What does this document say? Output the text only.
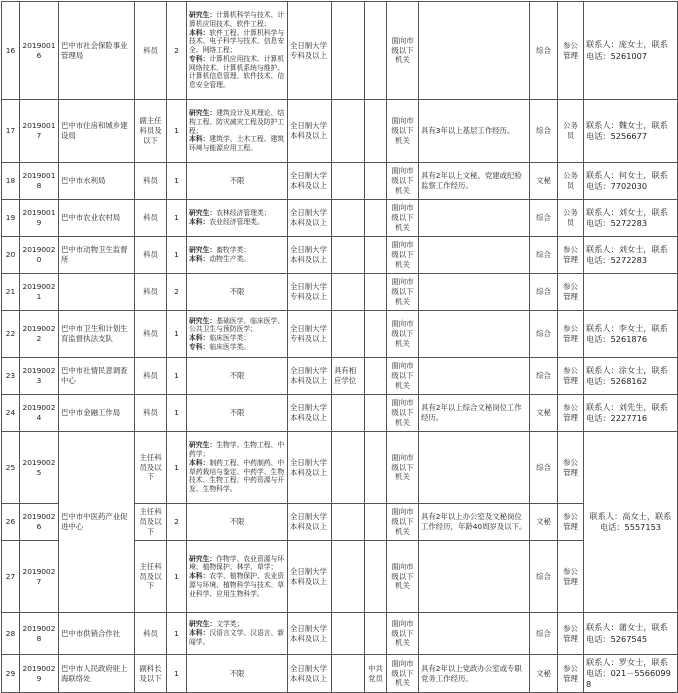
16	20190016	巴中市社会保险事业管理局	科员	2	研究生：计算机科学与技术、计算机应用技术、软件工程；
本科：软件工程、计算机科学与技术、电子科学与技术、信息安全、网络工程；
专科：计算机应用技术、计算机网络技术、计算机系统与维护、计算机信息管理、软件技术、信息安全管理。	全日制大学专科及以上			面向市级以下机关		综合	参公管理	联系人：庞女士，联系电话：5261007
17	20190017	巴中市住房和城乡建设局	副主任科员及以下	1	研究生：建筑设计及其理论、结构工程、防灾减灾工程及防护工程；
本科：建筑学、土木工程、建筑环境与能源应用工程。	全日制大学本科及以上			面向市级以下机关	具有3年以上基层工作经历。	综合	公务员	联系人：魏女士，联系电话：5256677
18	20190018	巴中市水利局	科员	1	不限	全日制大学本科及以上			面向市级以下机关	具有2年以上文秘、党建或纪检监察工作经历。	文秘	公务员	联系人：何女士，联系电话：7702030
19	20190019	巴中市农业农村局	科员	1	研究生：农林经济管理类；
本科：农业经济管理类。	全日制大学本科及以上			面向市级以下机关		综合	公务员	联系人：刘女士，联系电话：5272283
20	20190020	巴中市动物卫生监督所	科员	1	研究生：畜牧学类；
本科：动物生产类。	全日制大学本科及以上			面向市级以下机关		综合	参公管理	联系人：刘女士，联系电话：5272283
21	20190021		科员	2	不限	全日制大学专科及以上			面向市级以下机关		综合	参公管理	
22	20190022	巴中市卫生和计划生育监督执法支队	科员	1	研究生：基础医学、临床医学、公共卫生与预防医学；
本科：临床医学类；
专科：临床医学类。	全日制大学专科及以上			面向市级以下机关		综合	参公管理	联系人：李女士，联系电话：5261876
23	20190023	巴中市社情民意调查中心	科员	1	不限	全日制大学本科及以上	具有相应学位		面向市级以下机关		综合	参公管理	联系人：涂女士，联系电话：5268162
24	20190024	巴中市金融工作局	科员	1	不限	全日制大学本科及以上			面向市级以下机关	具有2年以上综合文秘岗位工作经历。	文秘	参公管理	联系人：刘先生，联系电话：2227716
25	20190025	巴中市中医药产业促进中心	主任科员及以下	1	研究生：生物学、生物工程、中药学；
本科：制药工程、中药制药、中草药栽培与鉴定、中药学、生物技术、生物工程、中药资源与开发、生物科学。	全日制大学本科及以上			面向市级以下机关		综合	参公管理	联系人：高女士，联系电话：5557153
26	20190026		主任科员及以下	2	不限	全日制大学本科及以上			面向市级以下机关	具有2年以上办公室及文秘岗位工作经历，年龄40周岁及以下。	文秘	参公管理	
27	20190027		主任科员及以下	1	研究生：作物学、农业资源与环境、植物保护、林学、草学；
本科：农学、植物保护、农业资源与环境、植物科学与技术、草业科学、应用生物科学。	全日制大学本科及以上			面向市级以下机关		综合	参公管理	
28	20190028	巴中市供销合作社	科员	1	研究生：文学类；
本科：汉语言文学、汉语言、新闻学。	全日制大学本科及以上			面向市级以下机关		综合	参公管理	联系人：蒲女士，联系电话：5267545
29	20190029	巴中市人民政府驻上海联络处	副科长及以下	1	不限	全日制大学本科及以上		中共党员	面向市级以下机关	具有2年以上党政办公室或专职党务工作经历。	文秘	参公管理	联系人：罗女士，联系电话：021－55660998
